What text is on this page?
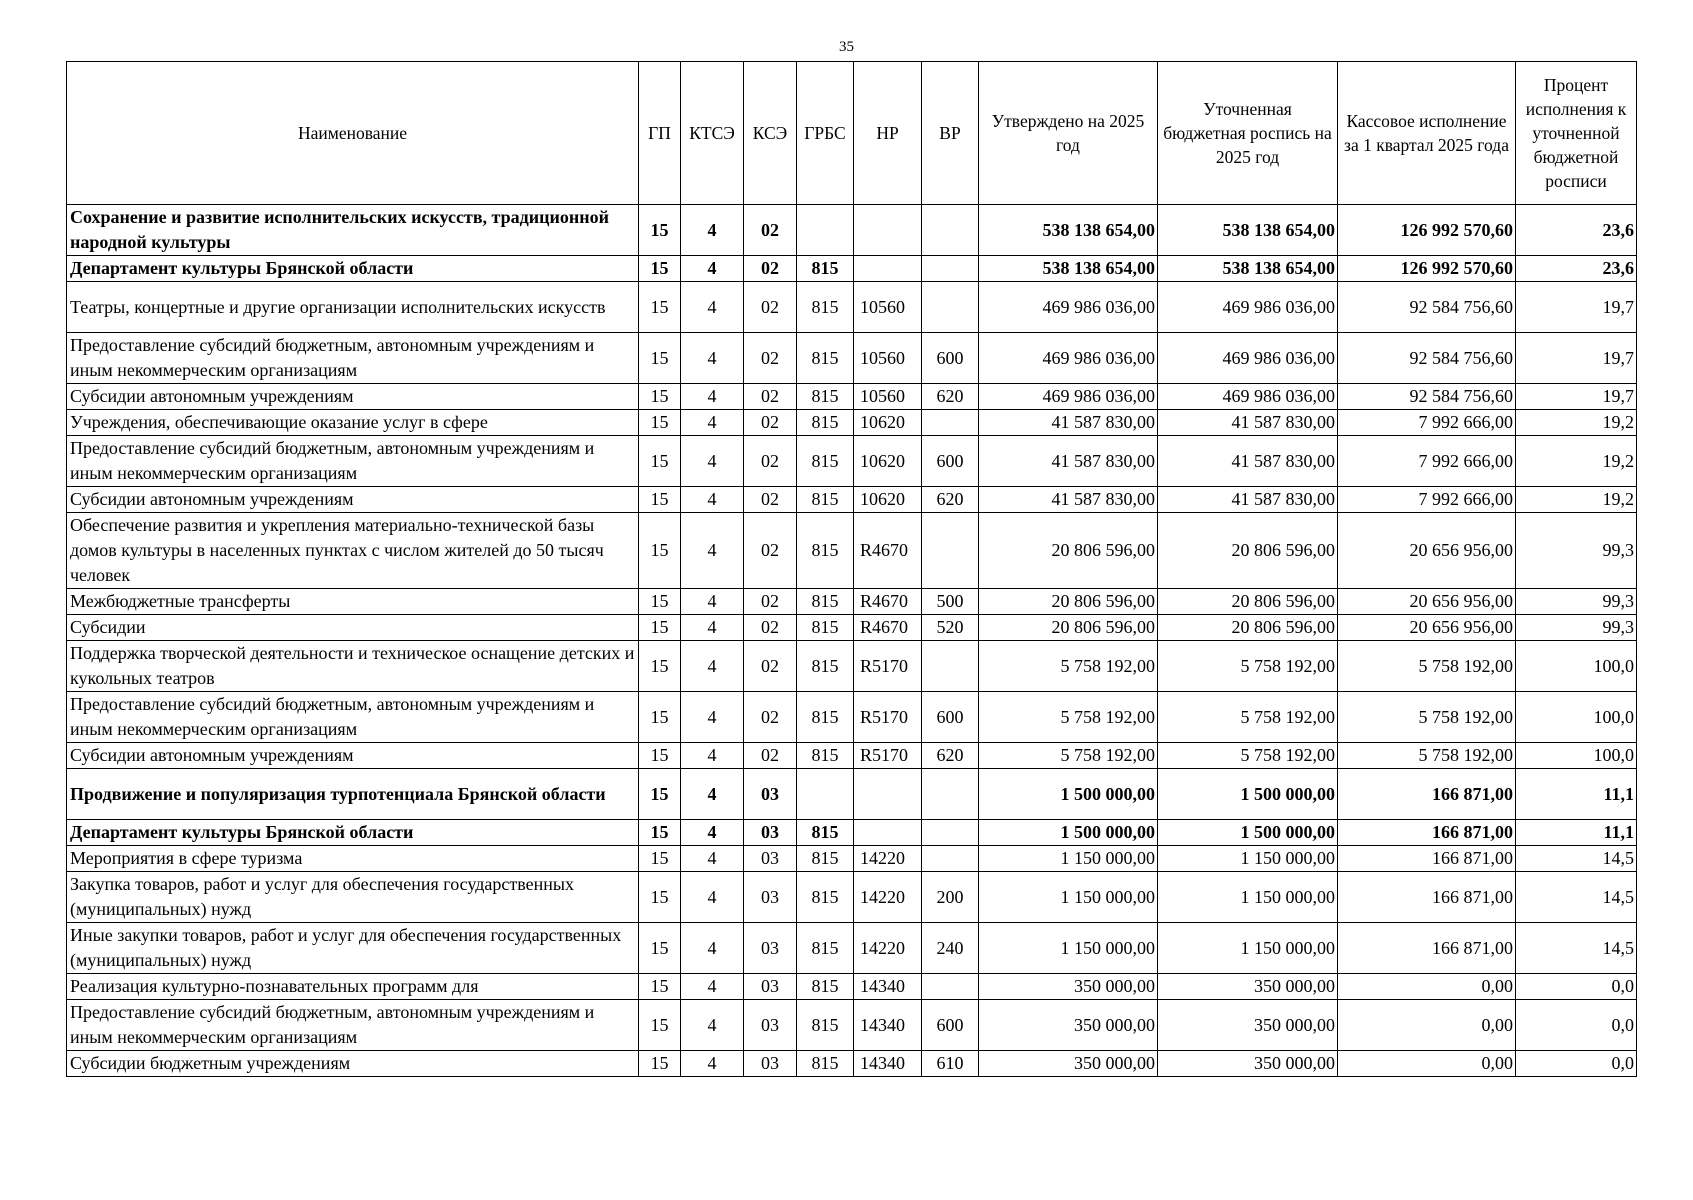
35
Наименование	ГП	КТСЭ	КСЭ	ГРБС	НР	ВР	Утверждено на 2025 год	Уточненная бюджетная роспись на 2025 год	Кассовое исполнение за 1 квартал 2025 года	Процент исполнения к уточненной бюджетной росписи
Сохранение и развитие исполнительских искусств, традиционной народной культуры	15	4	02				538 138 654,00	538 138 654,00	126 992 570,60	23,6
Департамент культуры Брянской области	15	4	02	815			538 138 654,00	538 138 654,00	126 992 570,60	23,6
Театры, концертные и другие организации исполнительских искусств	15	4	02	815	10560		469 986 036,00	469 986 036,00	92 584 756,60	19,7
Предоставление субсидий бюджетным, автономным учреждениям и иным некоммерческим организациям	15	4	02	815	10560	600	469 986 036,00	469 986 036,00	92 584 756,60	19,7
Субсидии автономным учреждениям	15	4	02	815	10560	620	469 986 036,00	469 986 036,00	92 584 756,60	19,7
Учреждения, обеспечивающие оказание услуг в сфере	15	4	02	815	10620		41 587 830,00	41 587 830,00	7 992 666,00	19,2
Предоставление субсидий бюджетным, автономным учреждениям и иным некоммерческим организациям	15	4	02	815	10620	600	41 587 830,00	41 587 830,00	7 992 666,00	19,2
Субсидии автономным учреждениям	15	4	02	815	10620	620	41 587 830,00	41 587 830,00	7 992 666,00	19,2
Обеспечение развития и укрепления материально-технической базы домов культуры в населенных пунктах с числом жителей до 50 тысяч человек	15	4	02	815	R4670		20 806 596,00	20 806 596,00	20 656 956,00	99,3
Межбюджетные трансферты	15	4	02	815	R4670	500	20 806 596,00	20 806 596,00	20 656 956,00	99,3
Субсидии	15	4	02	815	R4670	520	20 806 596,00	20 806 596,00	20 656 956,00	99,3
Поддержка творческой деятельности и техническое оснащение детских и кукольных театров	15	4	02	815	R5170		5 758 192,00	5 758 192,00	5 758 192,00	100,0
Предоставление субсидий бюджетным, автономным учреждениям и иным некоммерческим организациям	15	4	02	815	R5170	600	5 758 192,00	5 758 192,00	5 758 192,00	100,0
Субсидии автономным учреждениям	15	4	02	815	R5170	620	5 758 192,00	5 758 192,00	5 758 192,00	100,0
Продвижение и популяризация турпотенциала Брянской области	15	4	03				1 500 000,00	1 500 000,00	166 871,00	11,1
Департамент культуры Брянской области	15	4	03	815			1 500 000,00	1 500 000,00	166 871,00	11,1
Мероприятия в сфере туризма	15	4	03	815	14220		1 150 000,00	1 150 000,00	166 871,00	14,5
Закупка товаров, работ и услуг для обеспечения государственных (муниципальных) нужд	15	4	03	815	14220	200	1 150 000,00	1 150 000,00	166 871,00	14,5
Иные закупки товаров, работ и услуг для обеспечения государственных (муниципальных) нужд	15	4	03	815	14220	240	1 150 000,00	1 150 000,00	166 871,00	14,5
Реализация культурно-познавательных программ для	15	4	03	815	14340		350 000,00	350 000,00	0,00	0,0
Предоставление субсидий бюджетным, автономным учреждениям и иным некоммерческим организациям	15	4	03	815	14340	600	350 000,00	350 000,00	0,00	0,0
Субсидии бюджетным учреждениям	15	4	03	815	14340	610	350 000,00	350 000,00	0,00	0,0
